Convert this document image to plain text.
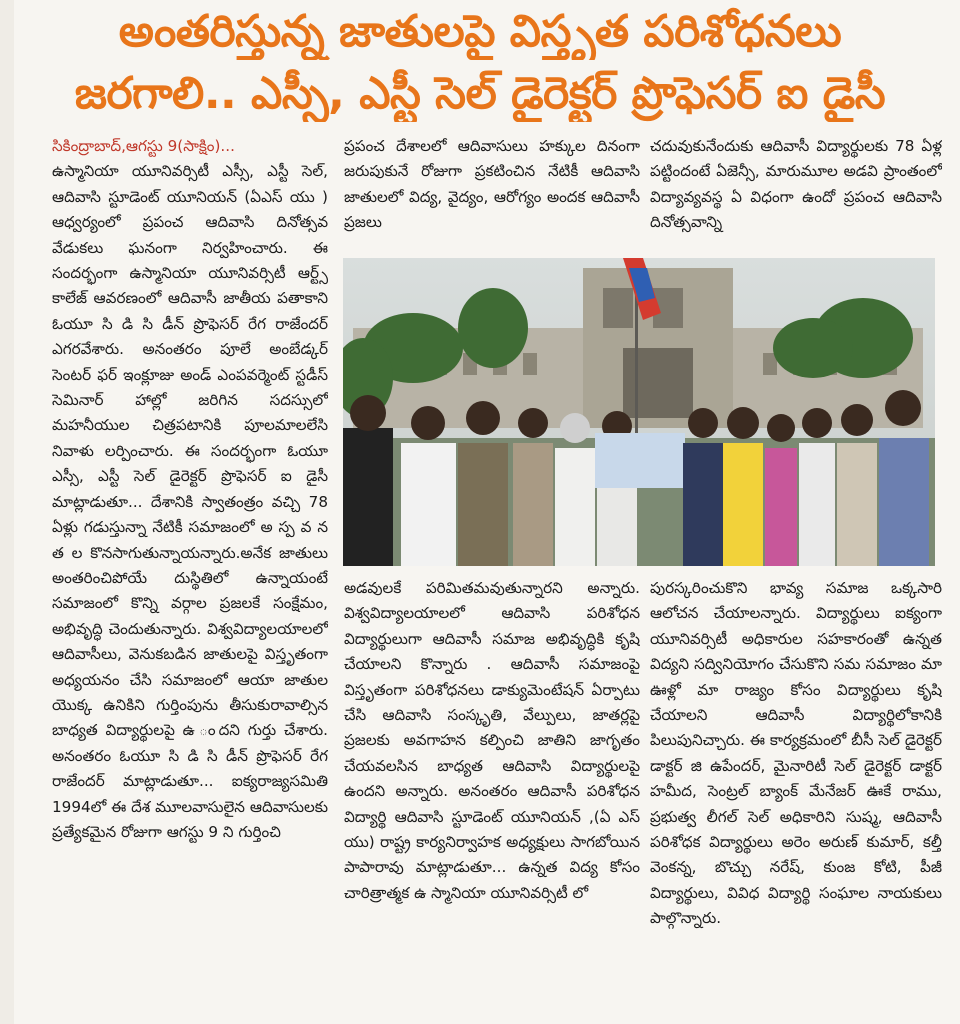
అంతరిస్తున్న జాతులపై విస్తృత పరిశోధనలు
జరగాలి.. ఎస్సీ, ఎస్టీ సెల్ డైరెక్టర్ ప్రొఫెసర్ ఐ డైసీ

సికింద్రాబాద్,ఆగస్టు 9(సాక్షిం)...

ఉస్మానియా యూనివర్సిటీ ఎస్సీ, ఎస్టీ సెల్, ఆదివాసి స్టూడెంట్ యూనియన్ (ఏఎస్ యు ) ఆధ్వర్యంలో ప్రపంచ ఆదివాసి దినోత్సవ వేడుకలు ఘనంగా నిర్వహించారు. ఈ సందర్భంగా ఉస్మానియా యూనివర్సిటీ ఆర్ట్స్ కాలేజ్ ఆవరణంలో ఆదివాసీ జాతీయ పతాకాని ఓయూ సి డి సి డీన్ ప్రొఫెసర్ రేగ రాజేందర్ ఎగరవేశారు. అనంతరం పూలే అంబేడ్కర్ సెంటర్ ఫర్ ఇంక్లూజు అండ్ ఎంపవర్మెంట్ స్టడీస్ సెమినార్ హాల్లో జరిగిన సదస్సులో మహనీయుల చిత్రపటానికి పూలమాలలేసి నివాళు లర్పించారు. ఈ సందర్భంగా ఓయూ ఎస్సీ, ఎస్టీ సెల్ డైరెక్టర్ ప్రొఫెసర్ ఐ డైసీ మాట్లాడుతూ... దేశానికి స్వాతంత్రం వచ్చి 78 ఏళ్లు గడుస్తున్నా నేటికీ సమాజంలో అ స్ప వ న త ల కొనసాగుతున్నాయన్నారు.అనేక జాతులు అంతరించిపోయే దుస్థితిలో ఉన్నాయంటే సమాజంలో కొన్ని వర్గాల ప్రజలకే సంక్షేమం, అభివృద్ధి చెందుతున్నారు. విశ్వవిద్యాలయాలలో ఆదివాసీలు, వెనుకబడిన జాతులపై విస్తృతంగా అధ్యయనం చేసి సమాజంలో ఆయా జాతుల యొక్క ఉనికిని గుర్తింపును తీసుకురావాల్సిన బాధ్యత విద్యార్థులపై ఉ ందని గుర్తు చేశారు. అనంతరం ఓయూ సి డి సి డీన్ ప్రొఫెసర్ రేగ రాజేందర్ మాట్లాడుతూ... ఐక్యరాజ్యసమితి 1994లో ఈ దేశ మూలవాసులైన ఆదివాసులకు ప్రత్యేకమైన రోజుగా ఆగస్టు 9 ని గుర్తించి

ప్రపంచ దేశాలలో ఆదివాసులు హక్కుల దినంగా జరుపుకునే రోజుగా ప్రకటించిన నేటికీ ఆదివాసి జాతులలో విద్య, వైద్యం, ఆరోగ్యం అందక ఆదివాసీ ప్రజలు

చదువుకునేందుకు ఆదివాసీ విద్యార్థులకు 78 ఏళ్ల పట్టిందంటే ఏజెన్సీ, మారుమూల అడవి ప్రాంతంలో విద్యావ్యవస్థ ఏ విధంగా ఉందో ప్రపంచ ఆదివాసి దినోత్సవాన్ని

అడవులకే పరిమితమవుతున్నారని అన్నారు. విశ్వవిద్యాలయాలలో ఆదివాసి పరిశోధన విద్యార్థులుగా ఆదివాసీ సమాజ అభివృద్ధికి కృషి చేయాలని కొన్నారు . ఆదివాసీ సమాజంపై విస్తృతంగా పరిశోధనలు డాక్యుమెంటేషన్ ఏర్పాటు చేసి ఆదివాసి సంస్కృతి, వేల్పులు, జాతర్లపై ప్రజలకు అవగాహన కల్పించి జాతిని జాగృతం చేయవలసిన బాధ్యత ఆదివాసి విద్యార్థులపై ఉందని అన్నారు. అనంతరం ఆదివాసీ పరిశోధన విద్యార్థి ఆదివాసి స్టూడెంట్ యూనియన్ ,(ఏ ఎస్ యు) రాష్ట్ర కార్యనిర్వాహక అధ్యక్షులు సాగబోయిన పాపారావు మాట్లాడుతూ... ఉన్నత విద్య కోసం చారిత్రాత్మక ఉ స్మానియా యూనివర్సిటీ లో

పురస్కరించుకొని భావ్య సమాజ ఒక్కసారి ఆలోచన చేయాలన్నారు. విద్యార్థులు ఐక్యంగా యూనివర్సిటీ అధికారుల సహకారంతో ఉన్నత విద్యని సద్వినియోగం చేసుకొని సమ సమాజం మా ఊళ్లో మా రాజ్యం కోసం విద్యార్థులు కృషి చేయాలని ఆదివాసీ విద్యార్థిలోకానికి పిలుపునిచ్చారు. ఈ కార్యక్రమంలో బీసీ సెల్ డైరెక్టర్ డాక్టర్ జి ఉపేందర్, మైనారిటీ సెల్ డైరెక్టర్ డాక్టర్ హమీద, సెంట్రల్ బ్యాంక్ మేనేజర్ ఊకే రాము, ప్రభుత్వ లీగల్ సెల్ అధికారిని సుష్మ, ఆదివాసీ పరిశోధక విద్యార్థులు అరెం అరుణ్ కుమార్, కల్తీ వెంకన్న, బొచ్చు నరేష్, కుంజ కోటి, పీజీ విద్యార్థులు, వివిధ విద్యార్థి సంఘాల నాయకులు పాల్గొన్నారు.
